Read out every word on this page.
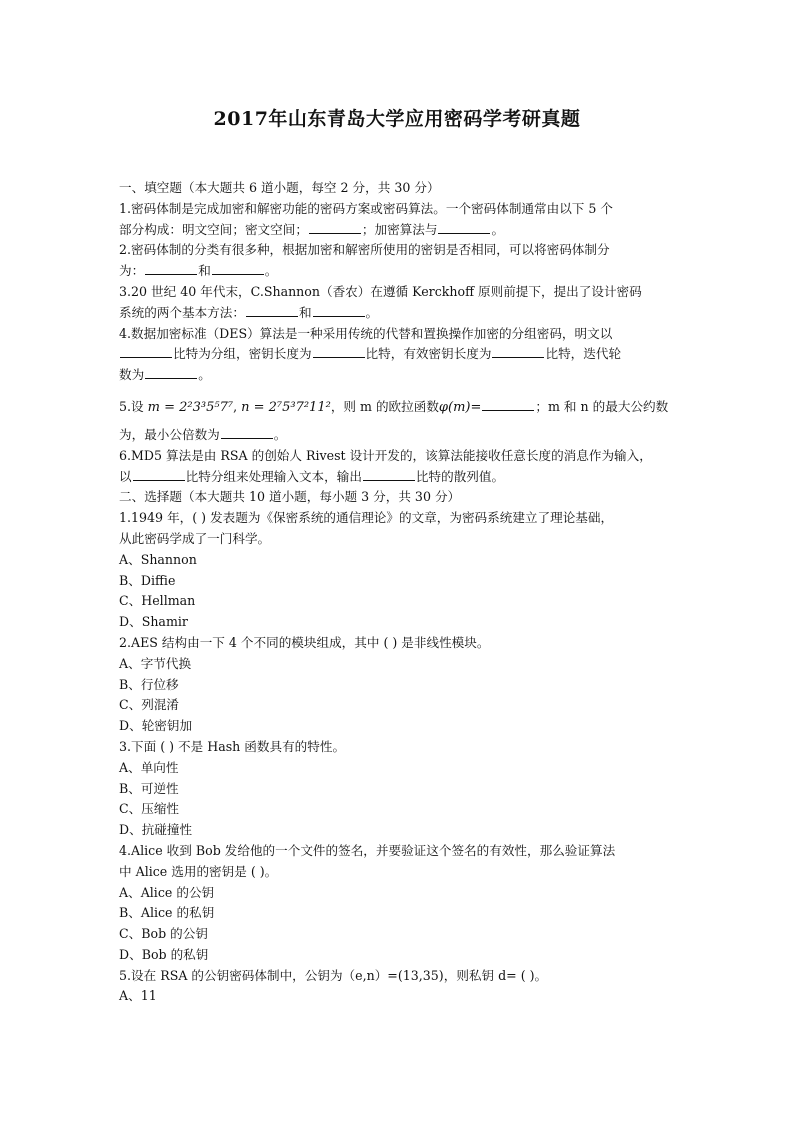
2017年山东青岛大学应用密码学考研真题
一、填空题（本大题共 6 道小题，每空 2 分，共 30 分）
1.密码体制是完成加密和解密功能的密码方案或密码算法。一个密码体制通常由以下 5 个
部分构成：明文空间；密文空间；	；加密算法与	。
2.密码体制的分类有很多种，根据加密和解密所使用的密钥是否相同，可以将密码体制分
为：	和	。
3.20 世纪 40 年代末，C.Shannon（香农）在遵循 Kerckhoff 原则前提下，提出了设计密码
系统的两个基本方法：	和	。
4.数据加密标准（DES）算法是一种采用传统的代替和置换操作加密的分组密码，明文以
比特为分组，密钥长度为	比特，有效密钥长度为	比特，迭代轮
数为	。
5.设 m = 2²3³5⁵7⁷, n = 2⁷5³7²11²，则 m 的欧拉函数φ(m)=	；m 和 n 的最大公约数
为，最小公倍数为	。
6.MD5 算法是由 RSA 的创始人 Rivest 设计开发的，该算法能接收任意长度的消息作为输入，
以	比特分组来处理输入文本，输出	比特的散列值。
二、选择题（本大题共 10 道小题，每小题 3 分，共 30 分）
1.1949 年，( ) 发表题为《保密系统的通信理论》的文章，为密码系统建立了理论基础，
从此密码学成了一门科学。
A、Shannon
B、Diffie
C、Hellman
D、Shamir
2.AES 结构由一下 4 个不同的模块组成，其中 ( ) 是非线性模块。
A、字节代换
B、行位移
C、列混淆
D、轮密钥加
3.下面 ( ) 不是 Hash 函数具有的特性。
A、单向性
B、可逆性
C、压缩性
D、抗碰撞性
4.Alice 收到 Bob 发给他的一个文件的签名，并要验证这个签名的有效性，那么验证算法
中 Alice 选用的密钥是 ( )。
A、Alice 的公钥
B、Alice 的私钥
C、Bob 的公钥
D、Bob 的私钥
5.设在 RSA 的公钥密码体制中，公钥为（e,n）=(13,35)，则私钥 d= ( )。
A、11
